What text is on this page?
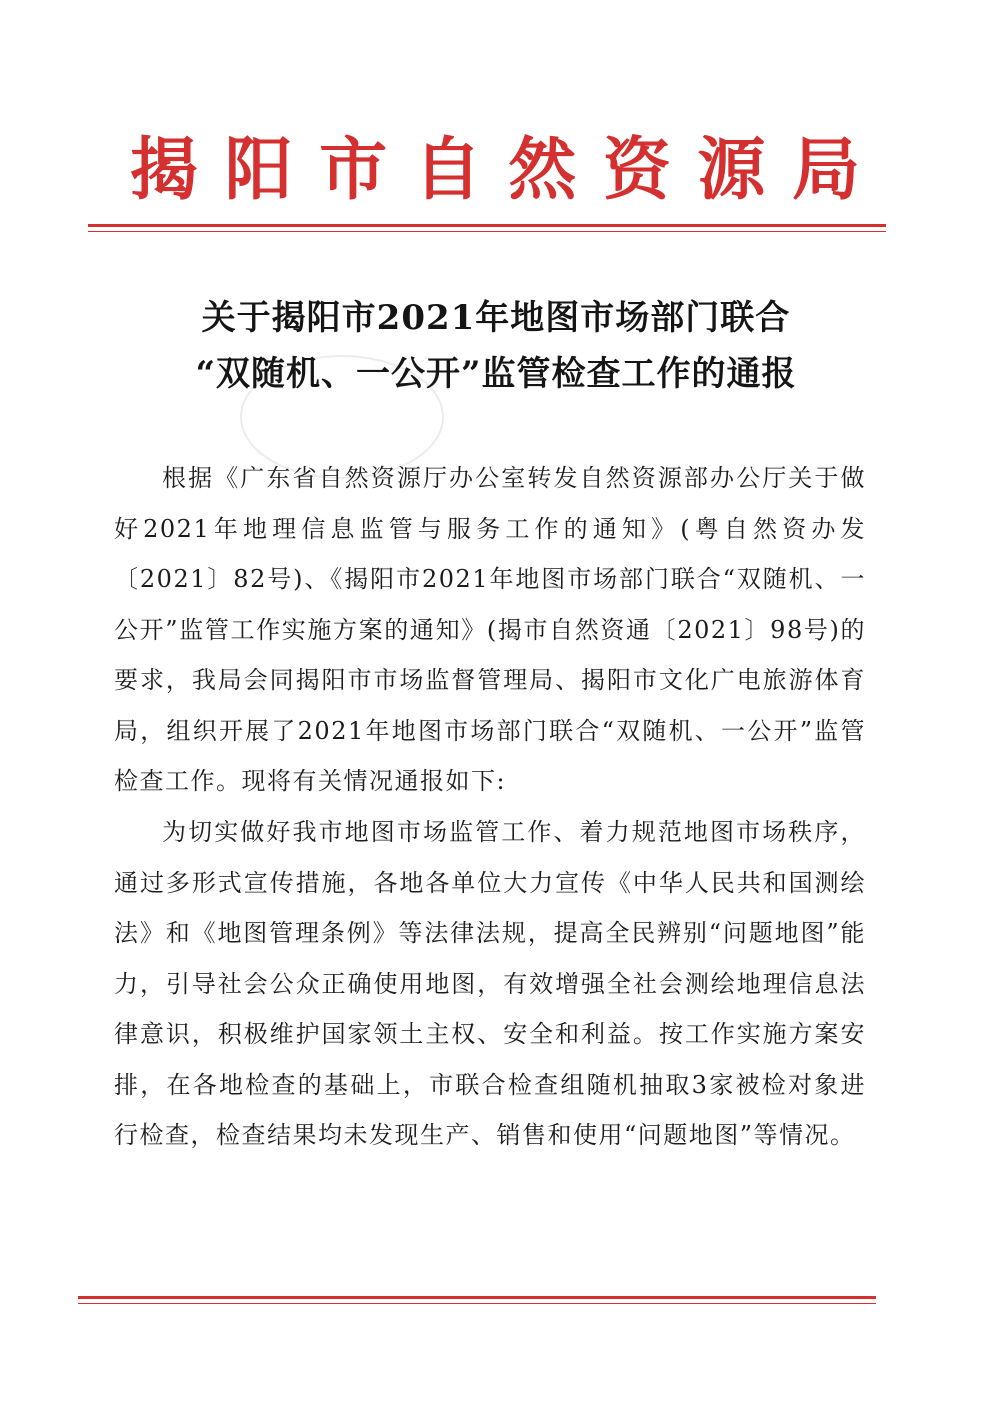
揭 阳 市 自 然 资 源 局
关于揭阳市2021年地图市场部门联合
“双随机、一公开”监管检查工作的通报

根据《广东省自然资源厅办公室转发自然资源部办公厅关于做好2021年地理信息监管与服务工作的通知》(粤自然资办发〔2021〕82号)、《揭阳市2021年地图市场部门联合“双随机、一公开”监管工作实施方案的通知》(揭市自然资通〔2021〕98号)的要求，我局会同揭阳市市场监督管理局、揭阳市文化广电旅游体育局，组织开展了2021年地图市场部门联合“双随机、一公开”监管检查工作。现将有关情况通报如下:

为切实做好我市地图市场监管工作、着力规范地图市场秩序，通过多形式宣传措施，各地各单位大力宣传《中华人民共和国测绘法》和《地图管理条例》等法律法规，提高全民辨别“问题地图”能力，引导社会公众正确使用地图，有效增强全社会测绘地理信息法律意识，积极维护国家领土主权、安全和利益。按工作实施方案安排，在各地检查的基础上，市联合检查组随机抽取3家被检对象进行检查，检查结果均未发现生产、销售和使用“问题地图”等情况。
